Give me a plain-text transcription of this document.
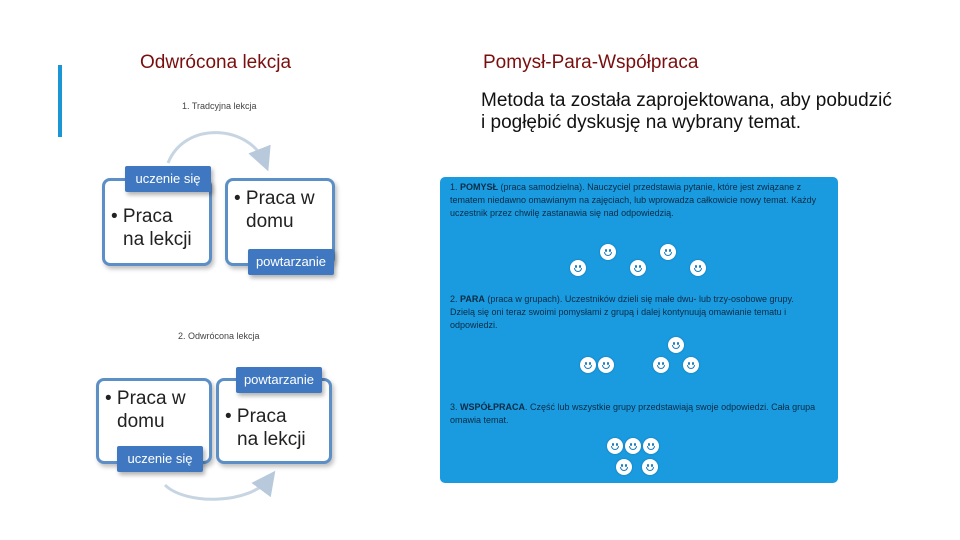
Odwrócona lekcja
1. Tradcyjna lekcja
• Praca
na lekcji
• Praca w
domu
uczenie się
powtarzanie
2. Odwrócona lekcja
• Praca w
domu	• Praca
na lekcji
powtarzanie
uczenie się
Pomysł-Para-Współpraca
Metoda ta została zaprojektowana, aby pobudzić i pogłębić dyskusję na wybrany temat.
1. POMYSŁ (praca samodzielna). Nauczyciel przedstawia pytanie, które jest związane z tematem niedawno omawianym na zajęciach, lub wprowadza całkowicie nowy temat. Każdy uczestnik przez chwilę zastanawia się nad odpowiedzią.
2. PARA (praca w grupach). Uczestników dzieli się małe dwu- lub trzy-osobowe grupy. Dzielą się oni teraz swoimi pomysłami z grupą i dalej kontynuują omawianie tematu i odpowiedzi.
3. WSPÓŁPRACA. Część lub wszystkie grupy przedstawiają swoje odpowiedzi. Cała grupa omawia temat.
